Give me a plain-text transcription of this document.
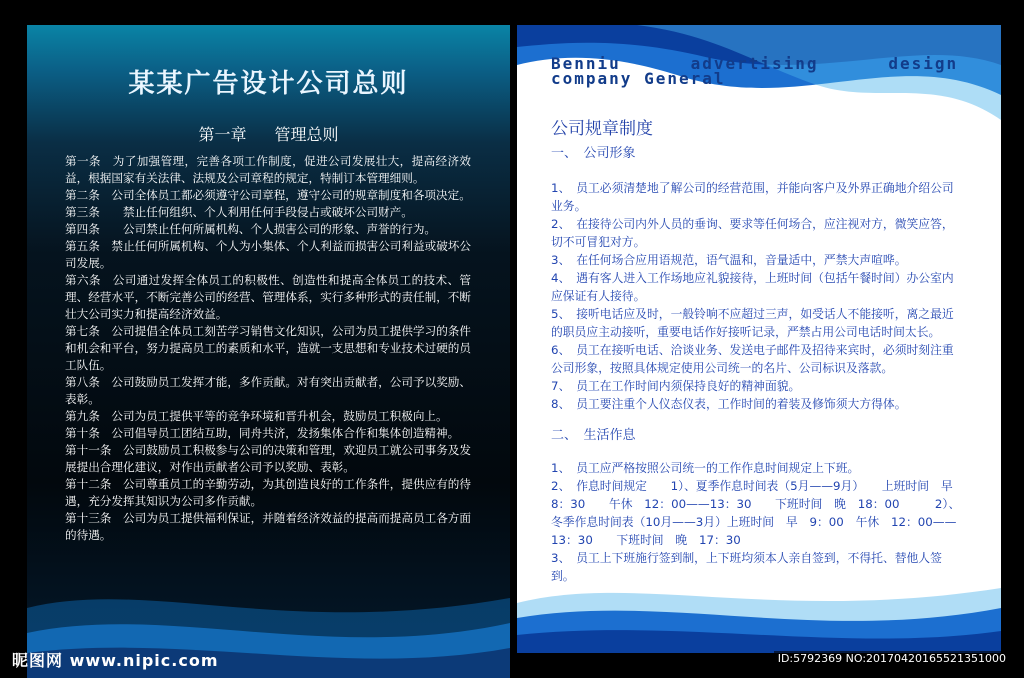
某某广告设计公司总则
第一章 管理总则

第一条　为了加强管理，完善各项工作制度，促进公司发展壮大，提高经济效益，根据国家有关法律、法规及公司章程的规定，特制订本管理细则。

第二条　公司全体员工都必须遵守公司章程，遵守公司的规章制度和各项决定。

第三条　　禁止任何组织、个人利用任何手段侵占或破坏公司财产。

第四条　　公司禁止任何所属机构、个人损害公司的形象、声誉的行为。

第五条　禁止任何所属机构、个人为小集体、个人利益而损害公司利益或破坏公司发展。

第六条　公司通过发挥全体员工的积极性、创造性和提高全体员工的技术、管理、经营水平，不断完善公司的经营、管理体系，实行多种形式的责任制，不断壮大公司实力和提高经济效益。

第七条　公司提倡全体员工刻苦学习销售文化知识，公司为员工提供学习的条件和机会和平台，努力提高员工的素质和水平，造就一支思想和专业技术过硬的员工队伍。

第八条　公司鼓励员工发挥才能，多作贡献。对有突出贡献者，公司予以奖励、表彰。

第九条　公司为员工提供平等的竞争环境和晋升机会，鼓励员工积极向上。

第十条　公司倡导员工团结互助，同舟共济，发扬集体合作和集体创造精神。

第十一条　公司鼓励员工积极参与公司的决策和管理，欢迎员工就公司事务及发展提出合理化建议，对作出贡献者公司予以奖励、表彰。

第十二条　公司尊重员工的辛勤劳动，为其创造良好的工作条件，提供应有的待遇，充分发挥其知识为公司多作贡献。

第十三条　公司为员工提供福利保证，并随着经济效益的提高而提高员工各方面的待遇。

Benniu      advertising      design
company General
公司规章制度

一、　公司形象

1、　员工必须清楚地了解公司的经营范围，并能向客户及外界正确地介绍公司业务。

2、　在接待公司内外人员的垂询、要求等任何场合，应注视对方，微笑应答，切不可冒犯对方。

3、　在任何场合应用语规范，语气温和，音量适中，严禁大声喧哗。

4、　遇有客人进入工作场地应礼貌接待，上班时间（包括午餐时间）办公室内应保证有人接待。

5、　接听电话应及时，一般铃响不应超过三声，如受话人不能接听，离之最近的职员应主动接听，重要电话作好接听记录，严禁占用公司电话时间太长。

6、　员工在接听电话、洽谈业务、发送电子邮件及招待来宾时，必须时刻注重公司形象，按照具体规定使用公司统一的名片、公司标识及落款。

7、　员工在工作时间内须保持良好的精神面貌。

8、　员工要注重个人仪态仪表，工作时间的着装及修饰须大方得体。

二、　生活作息

1、　员工应严格按照公司统一的工作作息时间规定上下班。

2、　作息时间规定　　1）、夏季作息时间表（5月——9月）　　上班时间　早8：30　　午休　12：00——13：30　　下班时间　晚　18：00　　　2）、冬季作息时间表（10月——3月）上班时间　早　9：00　午休　12：00——13：30　　下班时间　晚　17：30

3、　员工上下班施行签到制，上下班均须本人亲自签到，不得托、替他人签到。

昵图网 www.nipic.com	ID:5792369 NO:20170420165521351000
